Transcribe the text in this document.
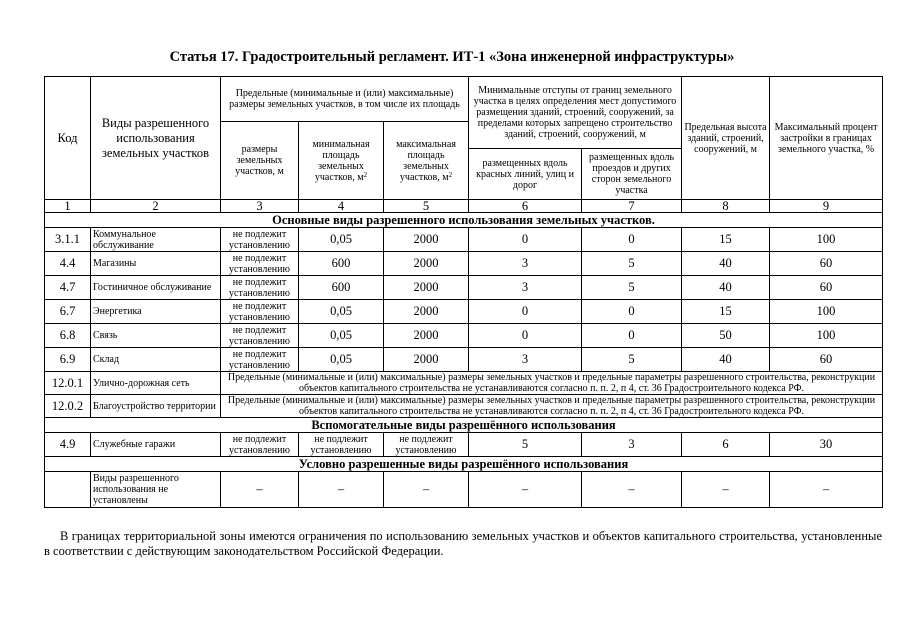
Статья 17. Градостроительный регламент. ИТ-1 «Зона инженерной инфраструктуры»
Код	Виды разрешенного использования земельных участков	Предельные (минимальные и (или) максимальные) размеры земельных участков, в том числе их площадь			Минимальные отступы от границ земельного участка в целях определения мест допустимого размещения зданий, строений, сооружений, за пределами которых запрещено строительство зданий, строений, сооружений, м		Предельная высота зданий, строений, сооружений, м	Максимальный процент застройки в границах земельного участка, %
		размеры земельных участков, м	минимальная площадь земельных участков, $м^2$	максимальная площадь земельных участков, $м^2$
					размещенных вдоль красных линий, улиц и дорог	размещенных вдоль проездов и других сторон земельного участка		
1	2	3	4	5	6	7	8	9
Основные виды разрешенного использования земельных участков.								
3.1.1	Коммунальное обслуживание	не подлежит установлению	0,05	2000	0	0	15	100
4.4	Магазины	не подлежит установлению	600	2000	3	5	40	60
4.7	Гостиничное обслуживание	не подлежит установлению	600	2000	3	5	40	60
6.7	Энергетика	не подлежит установлению	0,05	2000	0	0	15	100
6.8	Связь	не подлежит установлению	0,05	2000	0	0	50	100
6.9	Склад	не подлежит установлению	0,05	2000	3	5	40	60
12.0.1	Улично-дорожная сеть	Предельные (минимальные и (или) максимальные) размеры земельных участков и предельные параметры разрешенного строительства, реконструкции объектов капитального строительства не устанавливаются согласно п. п. 2, п 4, ст. 36 Градостроительного кодекса РФ.						
12.0.2	Благоустройство территории	Предельные (минимальные и (или) максимальные) размеры земельных участков и предельные параметры разрешенного строительства, реконструкции объектов капитального строительства не устанавливаются согласно п. п. 2, п 4, ст. 36 Градостроительного кодекса РФ.						
Вспомогательные виды разрешённого использования								
4.9	Служебные гаражи	не подлежит установлению	не подлежит установлению	не подлежит установлению	5	3	6	30
Условно разрешенные виды разрешённого использования								
	Виды разрешенного использования не установлены	–	–	–	–	–	–	–
В границах территориальной зоны имеются ограничения по использованию земельных участков и объектов капитального строительства, установленные в соответствии с действующим законодательством Российской Федерации.
